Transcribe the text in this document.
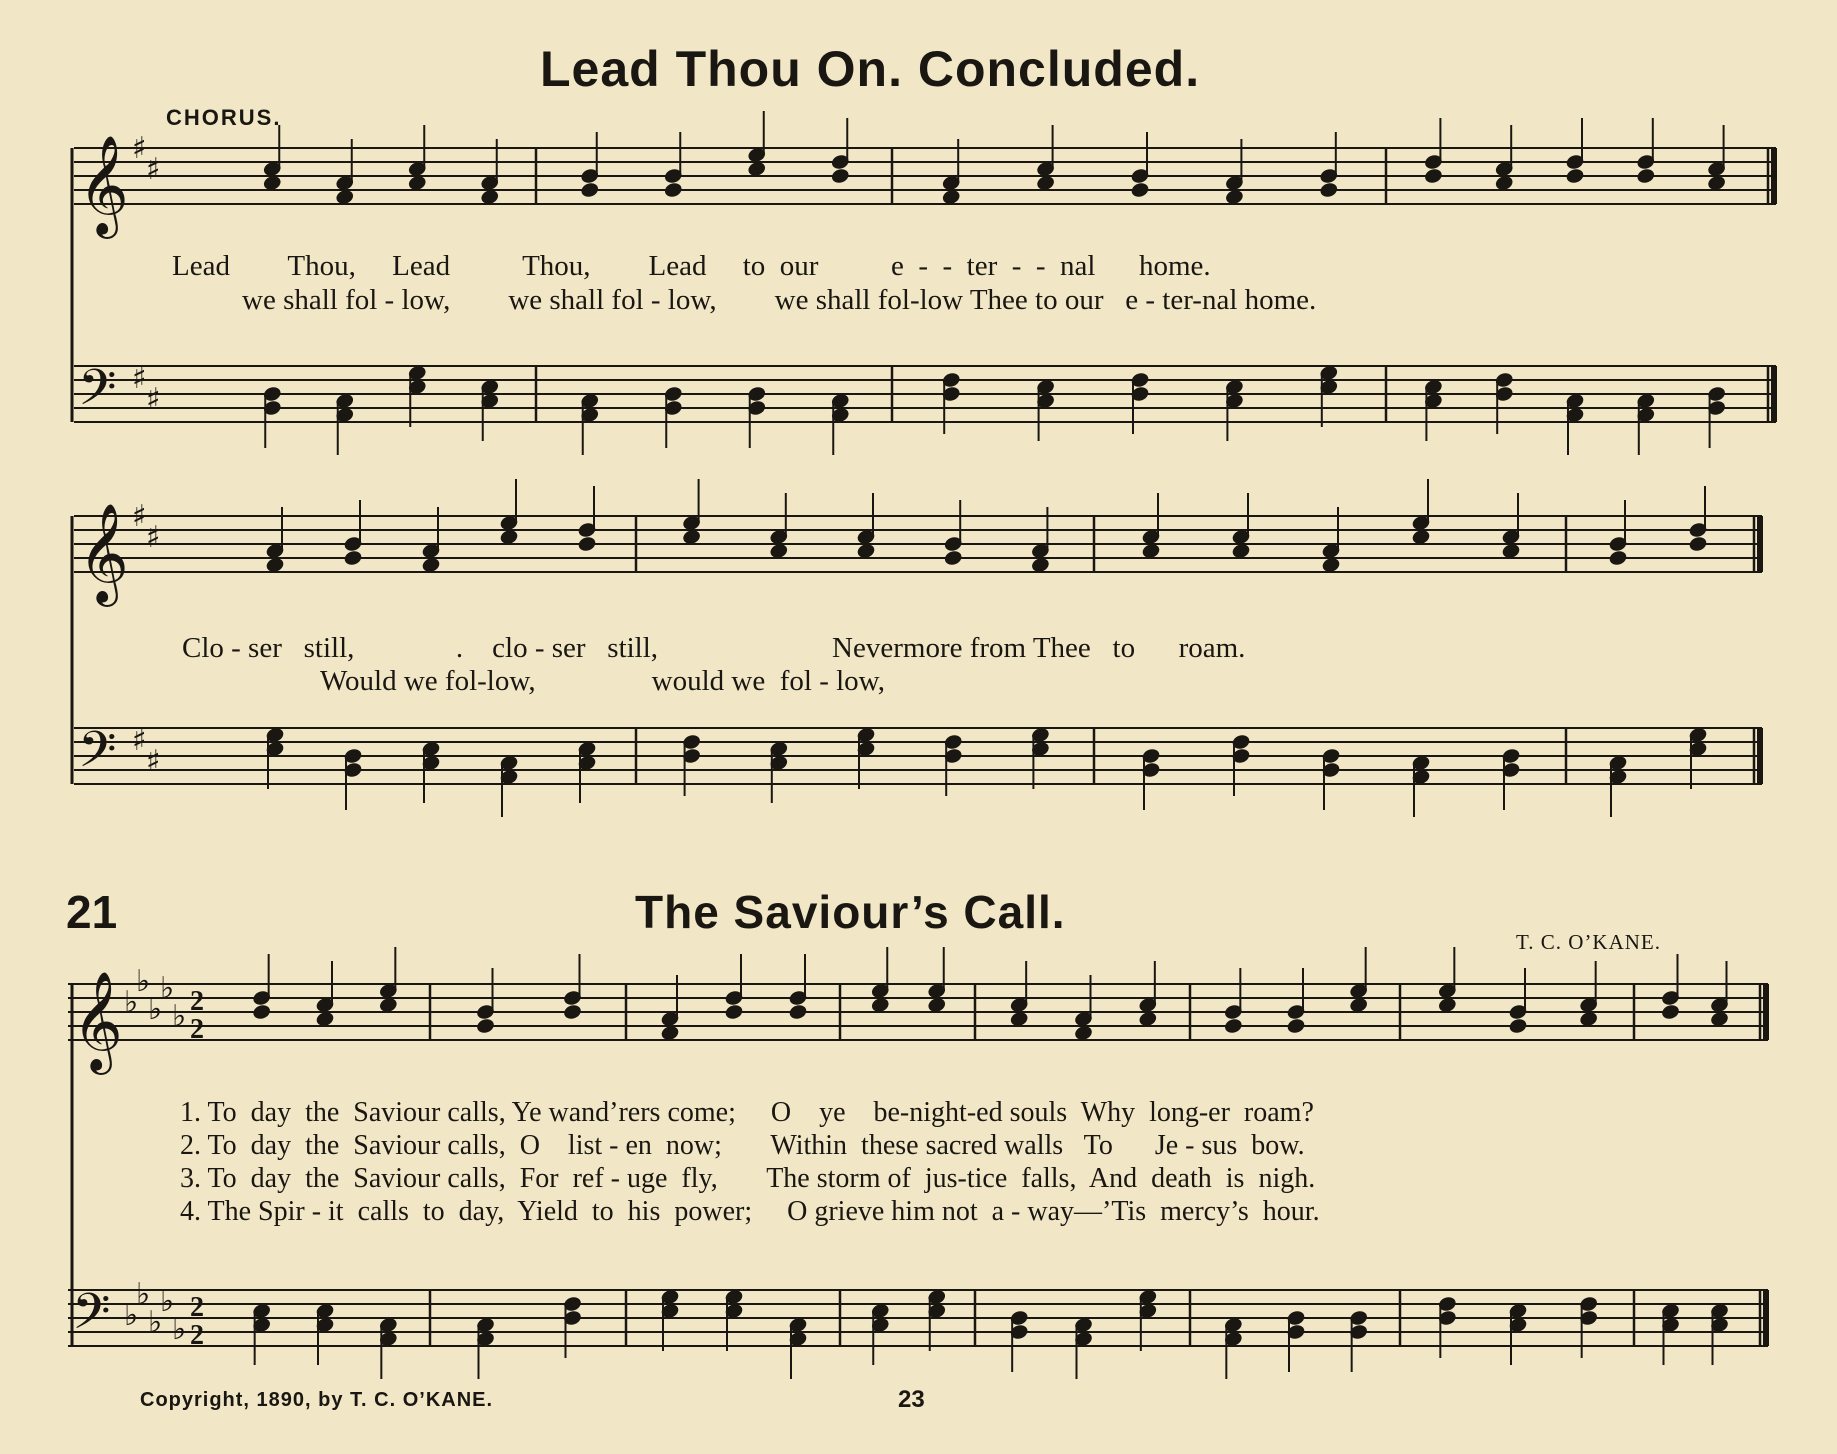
Lead Thou On. Concluded.
CHORUS.
Lead        Thou,     Lead          Thou,        Lead     to  our          e  -  -  ter  -  -  nal      home.
we shall fol - low,        we shall fol - low,        we shall fol-low Thee to our   e - ter-nal home.
Clo - ser   still,              .    clo - ser   still,                        Nevermore from Thee   to      roam.
Would we fol-low,                would we  fol - low,
21	The Saviour’s Call.
T. C. O’KANE.
1. To  day  the  Saviour calls, Ye wand’rers come;     O    ye    be-night-ed souls  Why  long-er  roam?
2. To  day  the  Saviour calls,  O    list - en  now;       Within  these sacred walls   To      Je - sus  bow.
3. To  day  the  Saviour calls,  For  ref - uge  fly,       The storm of  jus-tice  falls,  And  death  is  nigh.
4. The Spir - it  calls  to  day,  Yield  to  his  power;     O grieve him not  a - way—’Tis  mercy’s  hour.
Copyright, 1890, by T. C. O’KANE.	23
𝄞 ♯
♯
𝄢 ♯
♯
𝄞 ♯
♯
𝄢 ♯
♯
𝄞 ♭
♭
♭
♭
♭ 2
2
𝄢 ♭
♭
♭
♭
♭
2
2
